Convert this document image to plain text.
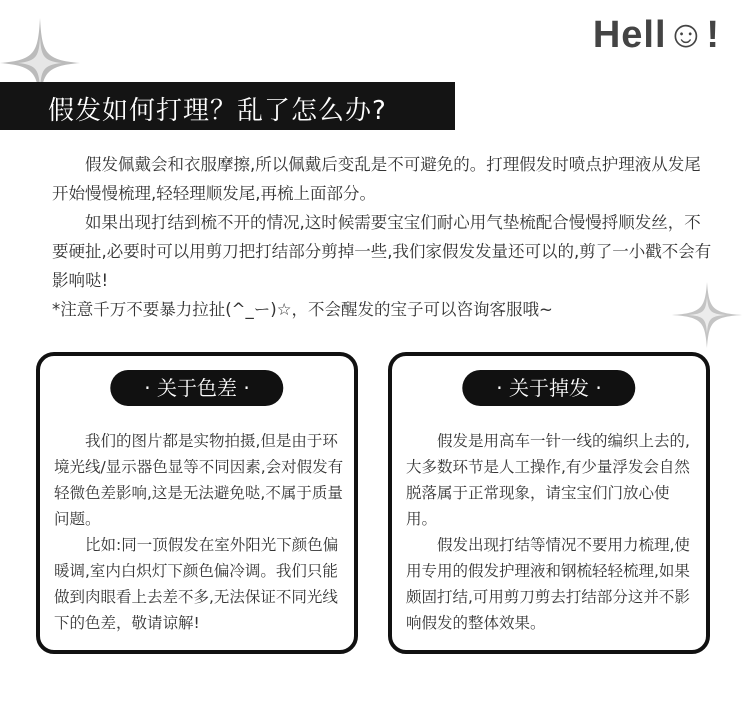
Hell☺!
假发如何打理？乱了怎么办?

假发佩戴会和衣服摩擦,所以佩戴后变乱是不可避免的。打理假发时喷点护理液从发尾开始慢慢梳理,轻轻理顺发尾,再梳上面部分。

如果出现打结到梳不开的情况,这时候需要宝宝们耐心用气垫梳配合慢慢捋顺发丝，不要硬扯,必要时可以用剪刀把打结部分剪掉一些,我们家假发发量还可以的,剪了一小戳不会有影响哒!

*注意千万不要暴力拉扯(^_ー)☆，不会醒发的宝子可以咨询客服哦~

· 关于色差 ·

我们的图片都是实物拍摄,但是由于环境光线/显示器色显等不同因素,会对假发有轻微色差影响,这是无法避免哒,不属于质量问题。

比如:同一顶假发在室外阳光下颜色偏暖调,室内白炽灯下颜色偏冷调。我们只能做到肉眼看上去差不多,无法保证不同光线下的色差，敬请谅解!

· 关于掉发 ·

假发是用高车一针一线的编织上去的,大多数环节是人工操作,有少量浮发会自然脱落属于正常现象，请宝宝们门放心使用。

假发出现打结等情况不要用力梳理,使用专用的假发护理液和钢梳轻轻梳理,如果颇固打结,可用剪刀剪去打结部分这并不影响假发的整体效果。
